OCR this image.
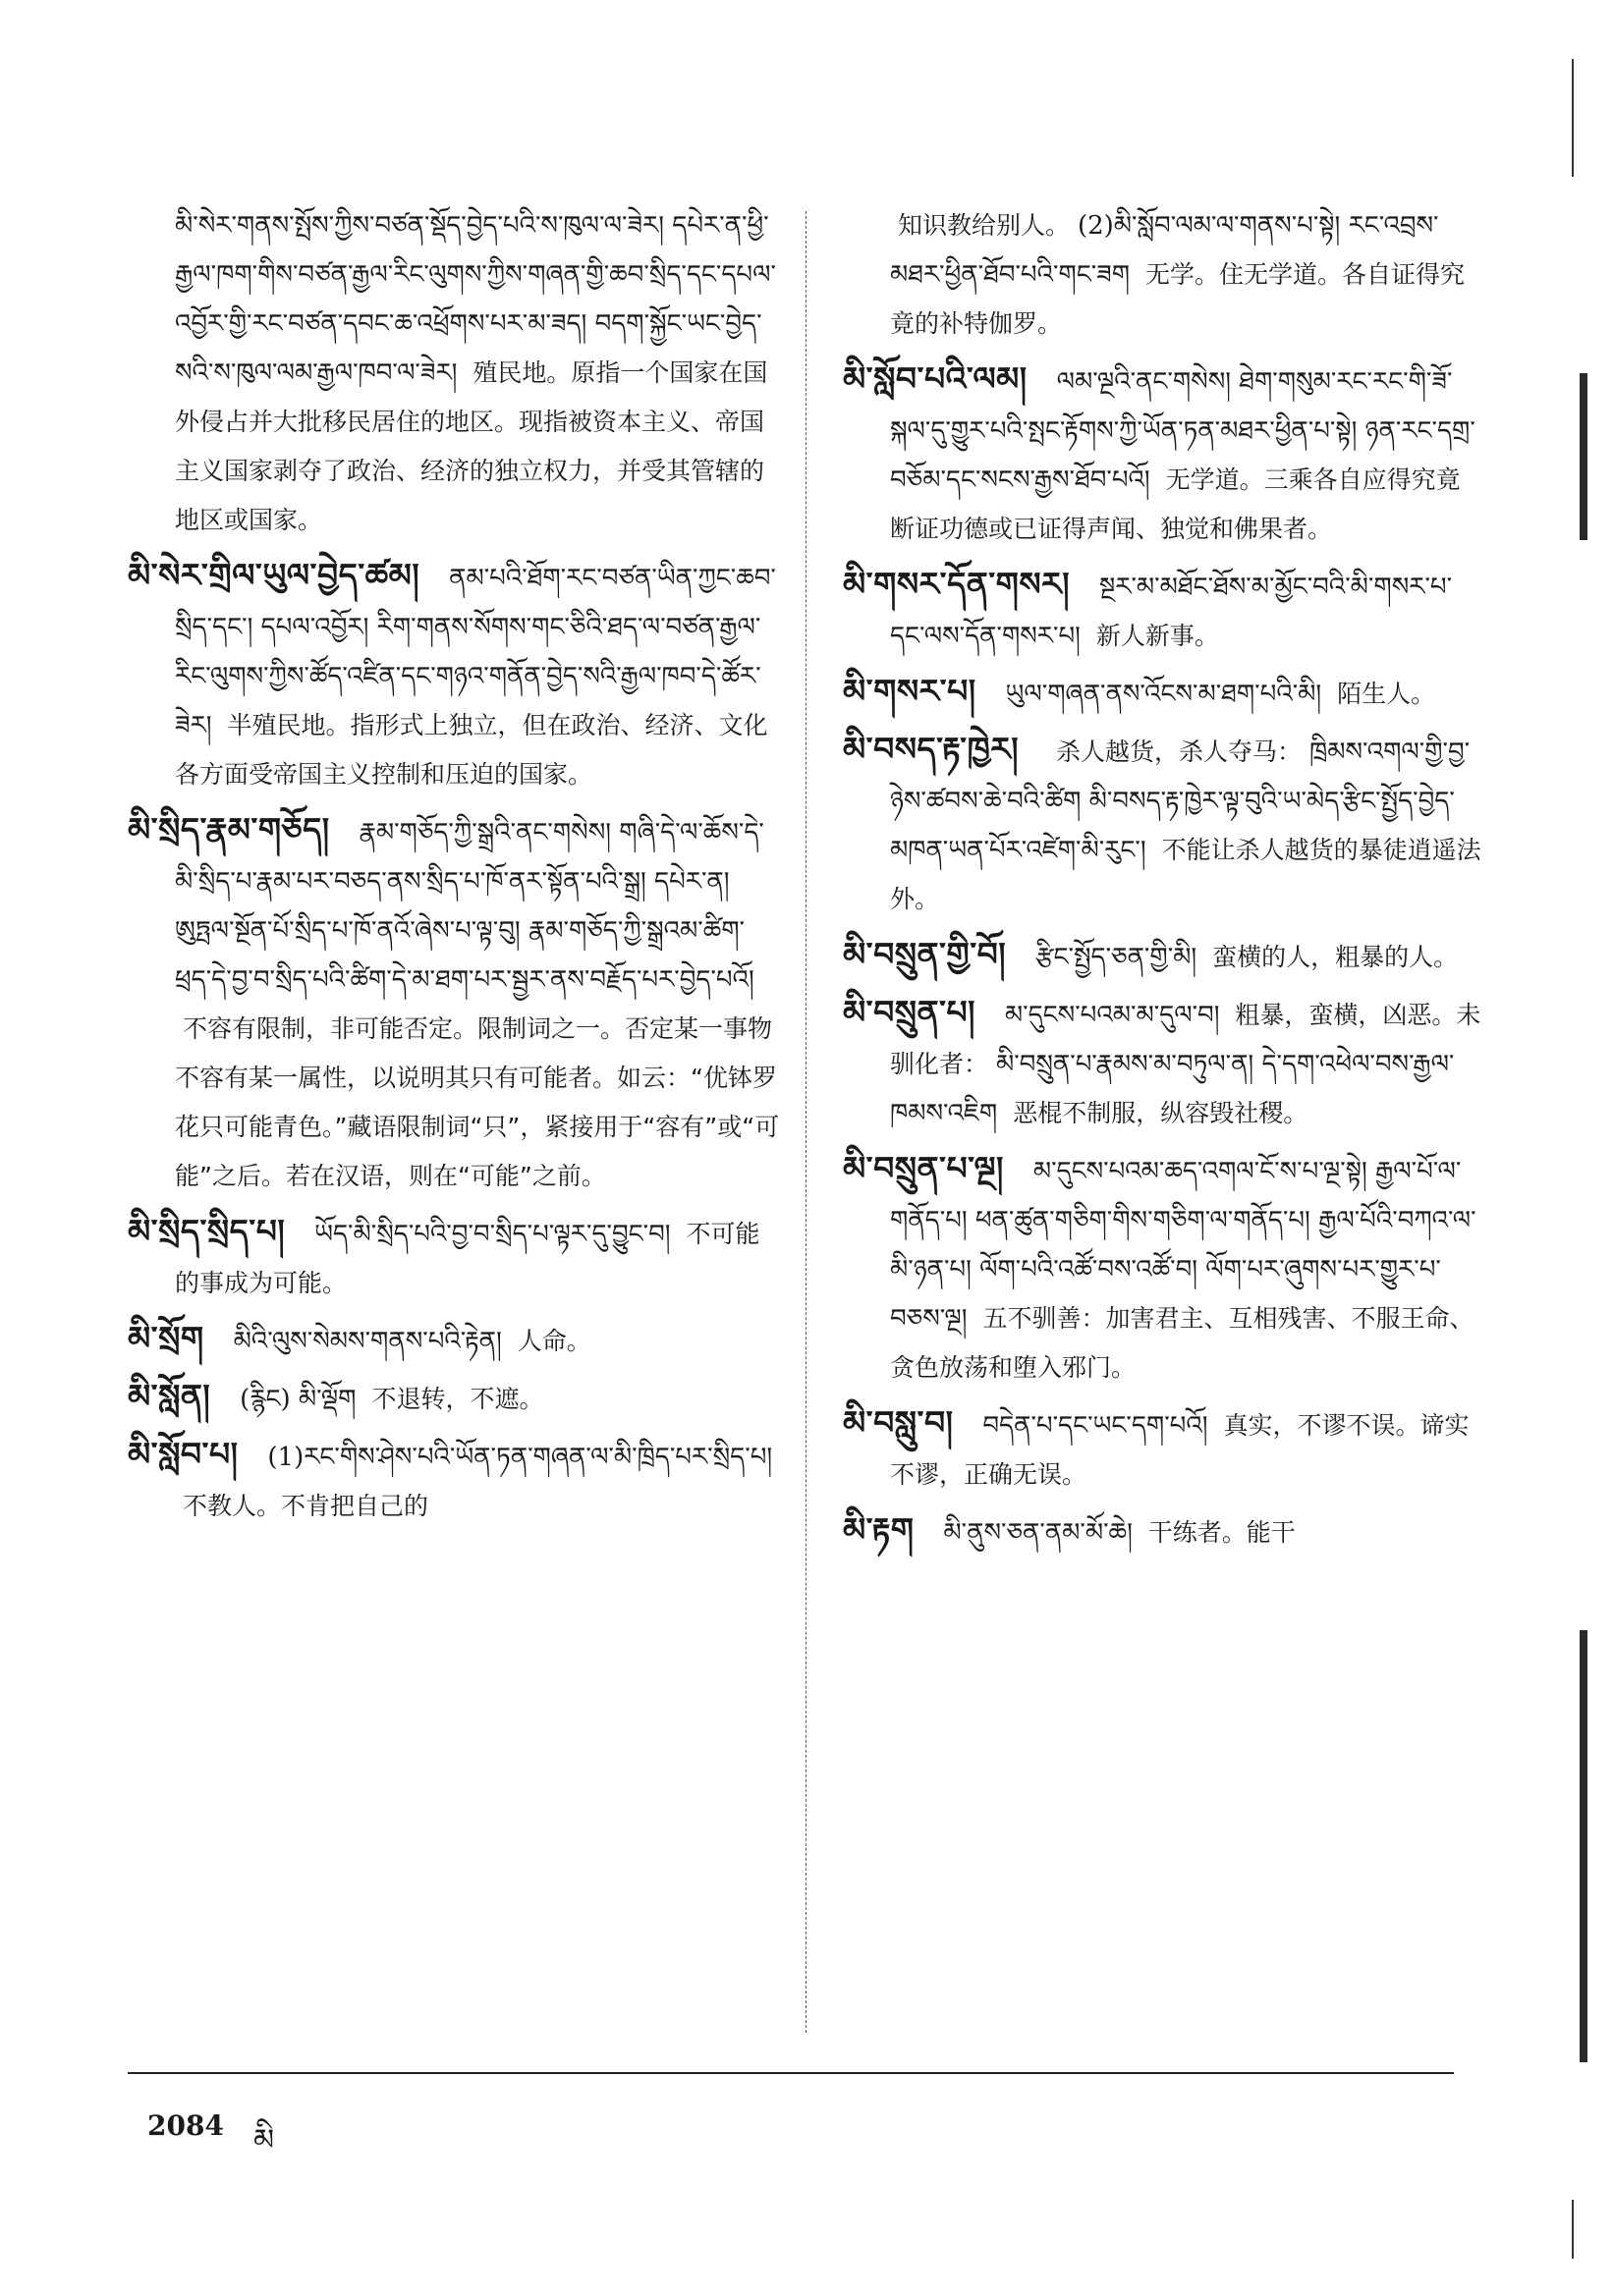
མི་སེར་གནས་སྤོས་ཀྱིས་བཙན་སྡོད་བྱེད་པའི་ས་ཁུལ་ལ་ཟེར། དཔེར་ན་ཕྱི་རྒྱལ་ཁག་གིས་བཙན་རྒྱལ་རིང་ལུགས་ཀྱིས་གཞན་གྱི་ཆབ་སྲིད་དང་དཔལ་འབྱོར་གྱི་རང་བཙན་དབང་ཆ་འཕྲོགས་པར་མ་ཟད། བདག་སྐྱོང་ཡང་བྱེད་སའི་ས་ཁུལ་ལམ་རྒྱལ་ཁབ་ལ་ཟེར། 殖民地。原指一个国家在国外侵占并大批移民居住的地区。现指被资本主义、帝国主义国家剥夺了政治、经济的独立权力，并受其管辖的地区或国家。
མི་སེར་གྲིལ་ཡུལ་བྱེད་ཚམ། ནམ་པའི་ཐོག་རང་བཙན་ཡིན་ཀྱང་ཆབ་སྲིད་དང་། དཔལ་འབྱོར། རིག་གནས་སོགས་གང་ཅིའི་ཐད་ལ་བཙན་རྒྱལ་རིང་ལུགས་ཀྱིས་ཚོད་འཛིན་དང་གཉའ་གནོན་བྱེད་སའི་རྒྱལ་ཁབ་དེ་ཚོར་ཟེར། 半殖民地。指形式上独立，但在政治、经济、文化各方面受帝国主义控制和压迫的国家。
མི་སྲིད་རྣམ་གཅོད། རྣམ་གཅོད་ཀྱི་སྒྲའི་ནང་གསེས། གཞི་དེ་ལ་ཆོས་དེ་མི་སྲིད་པ་རྣམ་པར་བཅད་ནས་སྲིད་པ་ཁོ་ནར་སྟོན་པའི་སྒྲ། དཔེར་ན། ཨུཏྤལ་སྔོན་པོ་སྲིད་པ་ཁོ་ནའོ་ཞེས་པ་ལྟ་བུ། རྣམ་གཅོད་ཀྱི་སྒྲའམ་ཚིག་ཕྲད་དེ་བྱ་བ་སྲིད་པའི་ཚིག་དེ་མ་ཐག་པར་སྦྱར་ནས་བརྗོད་པར་བྱེད་པའོ། 不容有限制，非可能否定。限制词之一。否定某一事物不容有某一属性，以说明其只有可能者。如云：“优钵罗花只可能青色。”藏语限制词“只”，紧接用于“容有”或“可能”之后。若在汉语，则在“可能”之前。
མི་སྲིད་སྲིད་པ། ཡོད་མི་སྲིད་པའི་བྱ་བ་སྲིད་པ་ལྟར་དུ་བྱུང་བ། 不可能的事成为可能。
མི་སྲོག མིའི་ལུས་སེམས་གནས་པའི་རྟེན། 人命。
མི་སློན། (རྙིང) མི་ལྡོག 不退转，不遮。
མི་སློབ་པ། (1)རང་གིས་ཤེས་པའི་ཡོན་ཏན་གཞན་ལ་མི་ཁྲིད་པར་སྲིད་པ། 不教人。不肯把自己的
知识教给别人。 (2)མི་སློབ་ལམ་ལ་གནས་པ་སྟེ། རང་འབྲས་མཐར་ཕྱིན་ཐོབ་པའི་གང་ཟག 无学。住无学道。各自证得究竟的补特伽罗。
མི་སློབ་པའི་ལམ། ལམ་ལྔའི་ནང་གསེས། ཐེག་གསུམ་རང་རང་གི་ཟོ་སྐལ་དུ་གྱུར་པའི་སྤང་རྟོགས་ཀྱི་ཡོན་ཏན་མཐར་ཕྱིན་པ་སྟེ། ཉན་རང་དགྲ་བཅོམ་དང་སངས་རྒྱས་ཐོབ་པའོ། 无学道。三乘各自应得究竟断证功德或已证得声闻、独觉和佛果者。
མི་གསར་དོན་གསར། སྔར་མ་མཐོང་ཐོས་མ་མྱོང་བའི་མི་གསར་པ་དང་ལས་དོན་གསར་པ། 新人新事。
མི་གསར་པ། ཡུལ་གཞན་ནས་འོངས་མ་ཐག་པའི་མི། 陌生人。
མི་བསད་རྟ་ཁྱེར། 杀人越货，杀人夺马： ཁྲིམས་འགལ་གྱི་བྱ་ཉེས་ཚབས་ཆེ་བའི་ཚིག མི་བསད་རྟ་ཁྱེར་ལྟ་བུའི་ཡ་མེད་རྩིང་སྤྱོད་བྱེད་མཁན་ཡན་པོར་འཛེག་མི་རུང་། 不能让杀人越货的暴徒逍遥法外。
མི་བསྲུན་གྱི་བོ། རྩིང་སྤྱོད་ཅན་གྱི་མི། 蛮横的人，粗暴的人。
མི་བསྲུན་པ། མ་དུངས་པའམ་མ་དུལ་བ། 粗暴，蛮横，凶恶。未驯化者： མི་བསྲུན་པ་རྣམས་མ་བཏུལ་ན། དེ་དག་འཕེལ་བས་རྒྱལ་ཁམས་འཇིག 恶棍不制服，纵容毁社稷。
མི་བསྲུན་པ་ལྔ། མ་དུངས་པའམ་ཆད་འགལ་ངོ་ས་པ་ལྔ་སྟེ། རྒྱལ་པོ་ལ་གནོད་པ། ཕན་ཚུན་གཅིག་གིས་གཅིག་ལ་གནོད་པ། རྒྱལ་པོའི་བཀའ་ལ་མི་ཉན་པ། ལོག་པའི་འཚོ་བས་འཚོ་བ། ལོག་པར་ཞུགས་པར་གྱུར་པ་བཅས་ལྔ། 五不驯善：加害君主、互相残害、不服王命、贪色放荡和堕入邪门。
མི་བསླུ་བ། བདེན་པ་དང་ཡང་དག་པའོ། 真实，不谬不误。谛实不谬，正确无误。
མི་རྟག མི་ནུས་ཅན་ནམ་མོ་ཆེ། 干练者。能干
2084 མི
